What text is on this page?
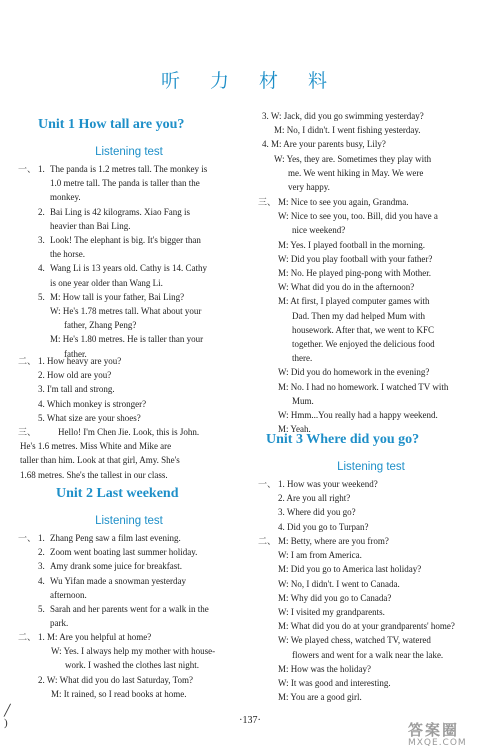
听 力 材 料
Unit 1 How tall are you?
Listening test
一、 1. The panda is 1.2 metres tall. The monkey is
1.0 metre tall. The panda is taller than the
monkey.
2. Bai Ling is 42 kilograms. Xiao Fang is
heavier than Bai Ling.
3. Look! The elephant is big. It's bigger than
the horse.
4. Wang Li is 13 years old. Cathy is 14. Cathy
is one year older than Wang Li.
5. M: How tall is your father, Bai Ling?
W: He's 1.78 metres tall. What about your
father, Zhang Peng?
M: He's 1.80 metres. He is taller than your
father.
二、 1. How heavy are you?
2. How old are you?
3. I'm tall and strong.
4. Which monkey is stronger?
5. What size are your shoes?
三、	Hello! I'm Chen Jie. Look, this is John.
He's 1.6 metres. Miss White and Mike are
taller than him. Look at that girl, Amy. She's
1.68 metres. She's the tallest in our class.
Unit 2 Last weekend
Listening test
一、 1. Zhang Peng saw a film last evening.
2. Zoom went boating last summer holiday.
3. Amy drank some juice for breakfast.
4. Wu Yifan made a snowman yesterday
afternoon.
5. Sarah and her parents went for a walk in the
park.
二、 1. M: Are you helpful at home?
W: Yes. I always help my mother with house-
work. I washed the clothes last night.
2. W: What did you do last Saturday, Tom?
M: It rained, so I read books at home.
3. W: Jack, did you go swimming yesterday?
M: No, I didn't. I went fishing yesterday.
4. M: Are your parents busy, Lily?
W: Yes, they are. Sometimes they play with
me. We went hiking in May. We were
very happy.
三、 M: Nice to see you again, Grandma.
W: Nice to see you, too. Bill, did you have a
nice weekend?
M: Yes. I played football in the morning.
W: Did you play football with your father?
M: No. He played ping-pong with Mother.
W: What did you do in the afternoon?
M: At first, I played computer games with
Dad. Then my dad helped Mum with
housework. After that, we went to KFC
together. We enjoyed the delicious food
there.
W: Did you do homework in the evening?
M: No. I had no homework. I watched TV with
Mum.
W: Hmm...You really had a happy weekend.
M: Yeah.
Unit 3 Where did you go?
Listening test
一、 1. How was your weekend?
2. Are you all right?
3. Where did you go?
4. Did you go to Turpan?
二、 M: Betty, where are you from?
W: I am from America.
M: Did you go to America last holiday?
W: No, I didn't. I went to Canada.
M: Why did you go to Canada?
W: I visited my grandparents.
M: What did you do at your grandparents' home?
W: We played chess, watched TV, watered
flowers and went for a walk near the lake.
M: How was the holiday?
W: It was good and interesting.
M: You are a good girl.
╱
)	·137·
答案圈
MXQE.COM
